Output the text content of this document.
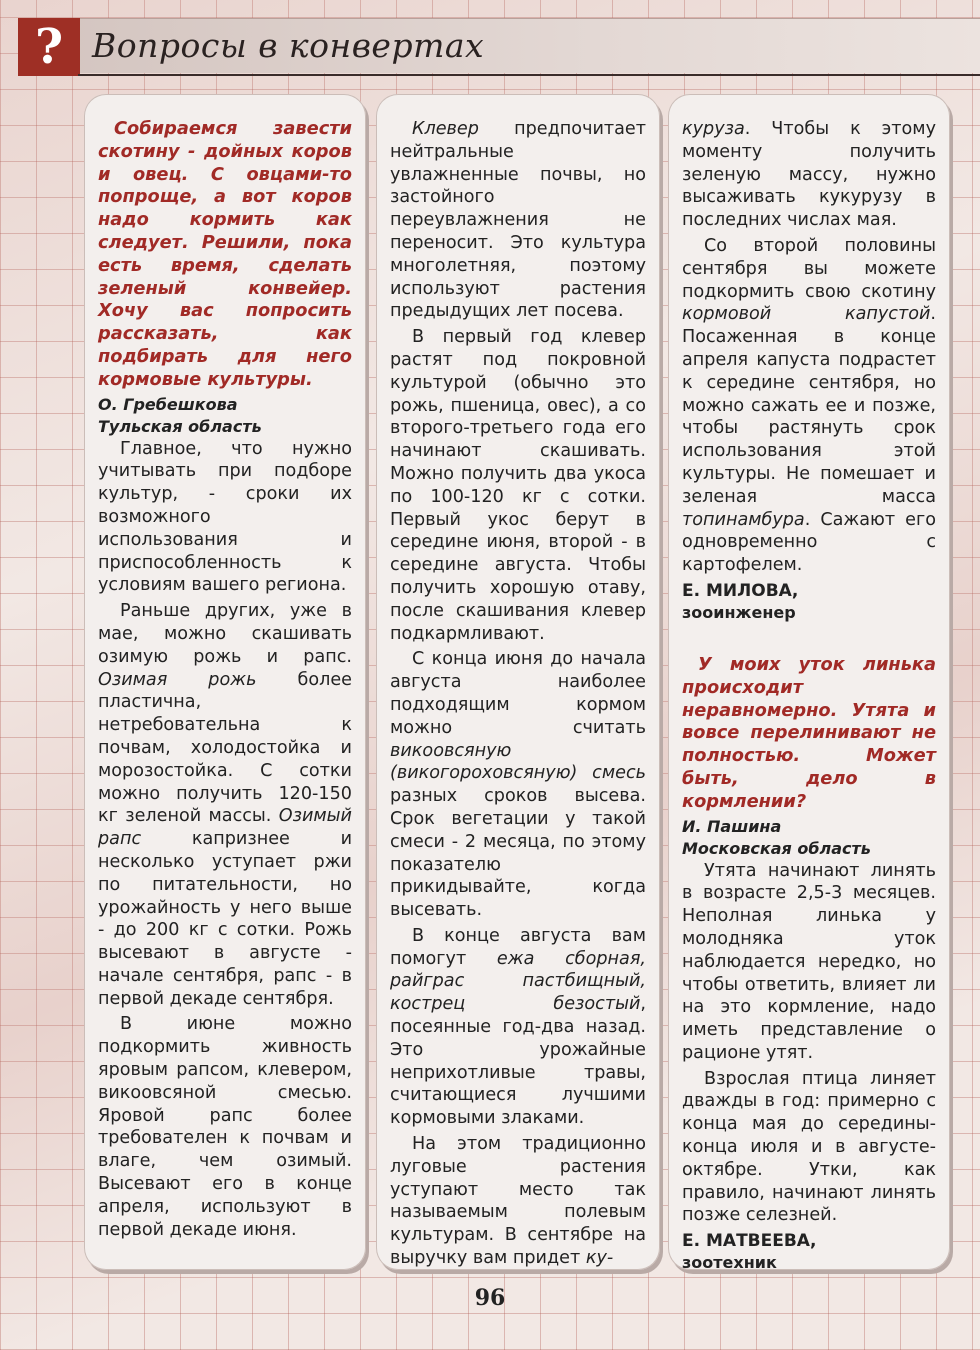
? Вопросы в конвертах

Собираемся завести скотину - дойных коров и овец. С овцами-то попроще, а вот коров надо кормить как следует. Решили, пока есть время, сделать зеленый конвейер. Хочу вас попросить рассказать, как подбирать для него кормовые культуры.

О. Гребешкова

Тульская область

Главное, что нужно учитывать при подборе культур, - сроки их возможного использования и приспособленность к условиям вашего региона.

Раньше других, уже в мае, можно скашивать озимую рожь и рапс. Озимая рожь более пластична, нетребовательна к почвам, холодостойка и морозостойка. С сотки можно получить 120-150 кг зеленой массы. Озимый рапс капризнее и несколько уступает ржи по питательности, но урожайность у него выше - до 200 кг с сотки. Рожь высевают в августе - начале сентября, рапс - в первой декаде сентября.

В июне можно подкормить живность яровым рапсом, клевером, викоовсяной смесью. Яровой рапс более требователен к почвам и влаге, чем озимый. Высевают его в конце апреля, используют в первой декаде июня.

Клевер предпочитает нейтральные увлажненные почвы, но застойного переувлажнения не переносит. Это культура многолетняя, поэтому используют растения предыдущих лет посева.

В первый год клевер растят под покровной культурой (обычно это рожь, пшеница, овес), а со второго-третьего года его начинают скашивать. Можно получить два укоса по 100-120 кг с сотки. Первый укос берут в середине июня, второй - в середине августа. Чтобы получить хорошую отаву, после скашивания клевер подкармливают.

С конца июня до начала августа наиболее подходящим кормом можно считать викоовсяную (викогороховсяную) смесь разных сроков высева. Срок вегетации у такой смеси - 2 месяца, по этому показателю прикидывайте, когда высевать.

В конце августа вам помогут ежа сборная, райграс пастбищный, кострец безостый, посеянные год-два назад. Это урожайные неприхотливые травы, считающиеся лучшими кормовыми злаками.

На этом традиционно луговые растения уступают место так называемым полевым культурам. В сентябре на выручку вам придет ку-

куруза. Чтобы к этому моменту получить зеленую массу, нужно высаживать кукурузу в последних числах мая.

Со второй половины сентября вы можете подкормить свою скотину кормовой капустой. Посаженная в конце апреля капуста подрастет к середине сентября, но можно сажать ее и позже, чтобы растянуть срок использования этой культуры. Не помешает и зеленая масса топинамбура. Сажают его одновременно с картофелем.

Е. МИЛОВА,

зооинженер

У моих уток линька происходит неравномерно. Утята и вовсе перелинивают не полностью. Может быть, дело в кормлении?

И. Пашина

Московская область

Утята начинают линять в возрасте 2,5-3 месяцев. Неполная линька у молодняка уток наблюдается нередко, но чтобы ответить, влияет ли на это кормление, надо иметь представление о рационе утят.

Взрослая птица линяет дважды в год: примерно с конца мая до середины-конца июля и в августе-октябре. Утки, как правило, начинают линять позже селезней.

Е. МАТВЕЕВА,

зоотехник

96
